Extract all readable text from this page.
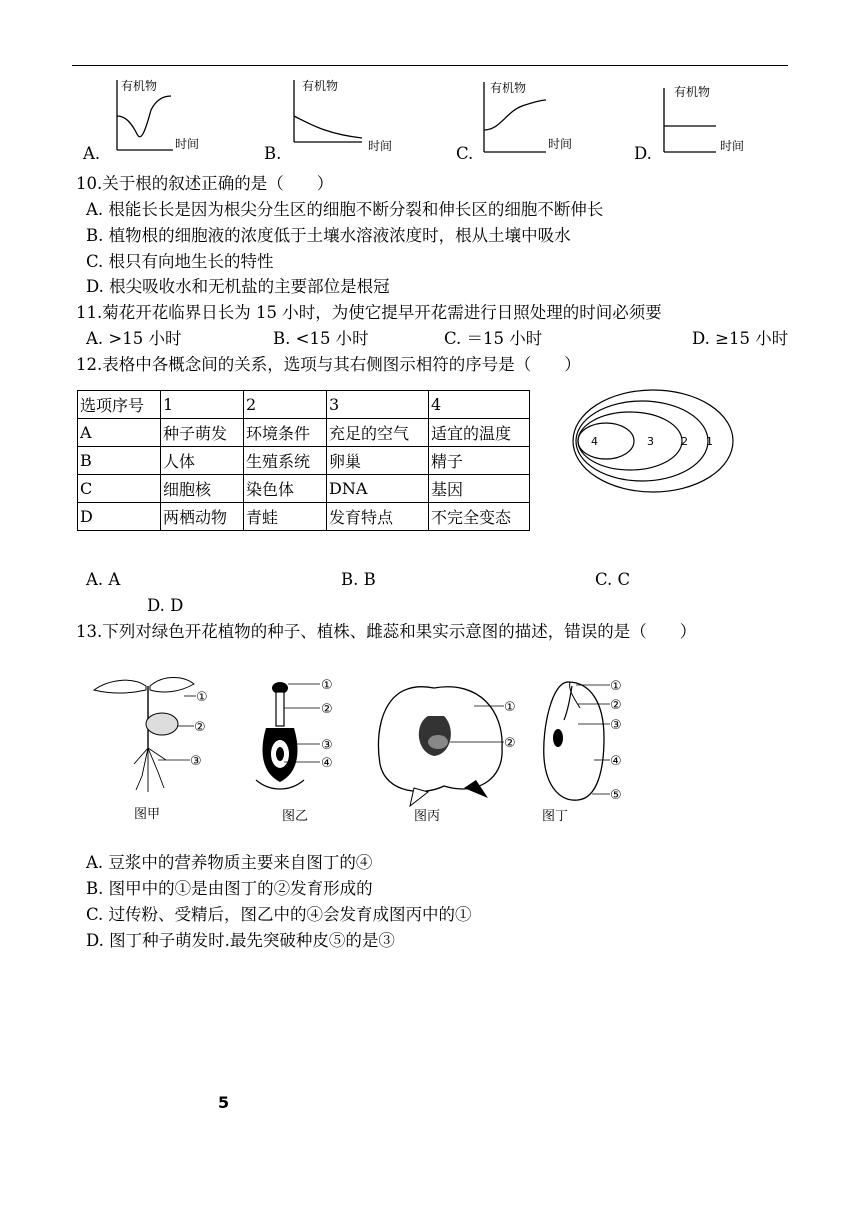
A.
有机物
时间	B.
有机物
时间	C.
有机物
时间	D.
有机物
时间
10.关于根的叙述正确的是（　　）
A. 根能长长是因为根尖分生区的细胞不断分裂和伸长区的细胞不断伸长
B. 植物根的细胞液的浓度低于土壤水溶液浓度时，根从土壤中吸水
C. 根只有向地生长的特性
D. 根尖吸收水和无机盐的主要部位是根冠
11.菊花开花临界日长为 15 小时，为使它提早开花需进行日照处理的时间必须要
A. >15 小时	B. <15 小时	C. ＝15 小时	D. ≥15 小时
12.表格中各概念间的关系，选项与其右侧图示相符的序号是（　　）
选项序号	1	2	3	4
A	种子萌发	环境条件	充足的空气	适宜的温度
B	人体	生殖系统	卵巢	精子
C	细胞核	染色体	DNA	基因
D	两栖动物	青蛙	发育特点	不完全变态
4	3 2 1
A. A	B. B	C. C
D. D
13.下列对绿色开花植物的种子、植株、雌蕊和果实示意图的描述，错误的是（　　）
①
②
③
图甲
①
②
③
④
图乙
①
②
图丙
①
②
③
④
⑤
图丁
A. 豆浆中的营养物质主要来自图丁的④
B. 图甲中的①是由图丁的②发育形成的
C. 过传粉、受精后，图乙中的④会发育成图丙中的①
D. 图丁种子萌发时.最先突破种皮⑤的是③
5
